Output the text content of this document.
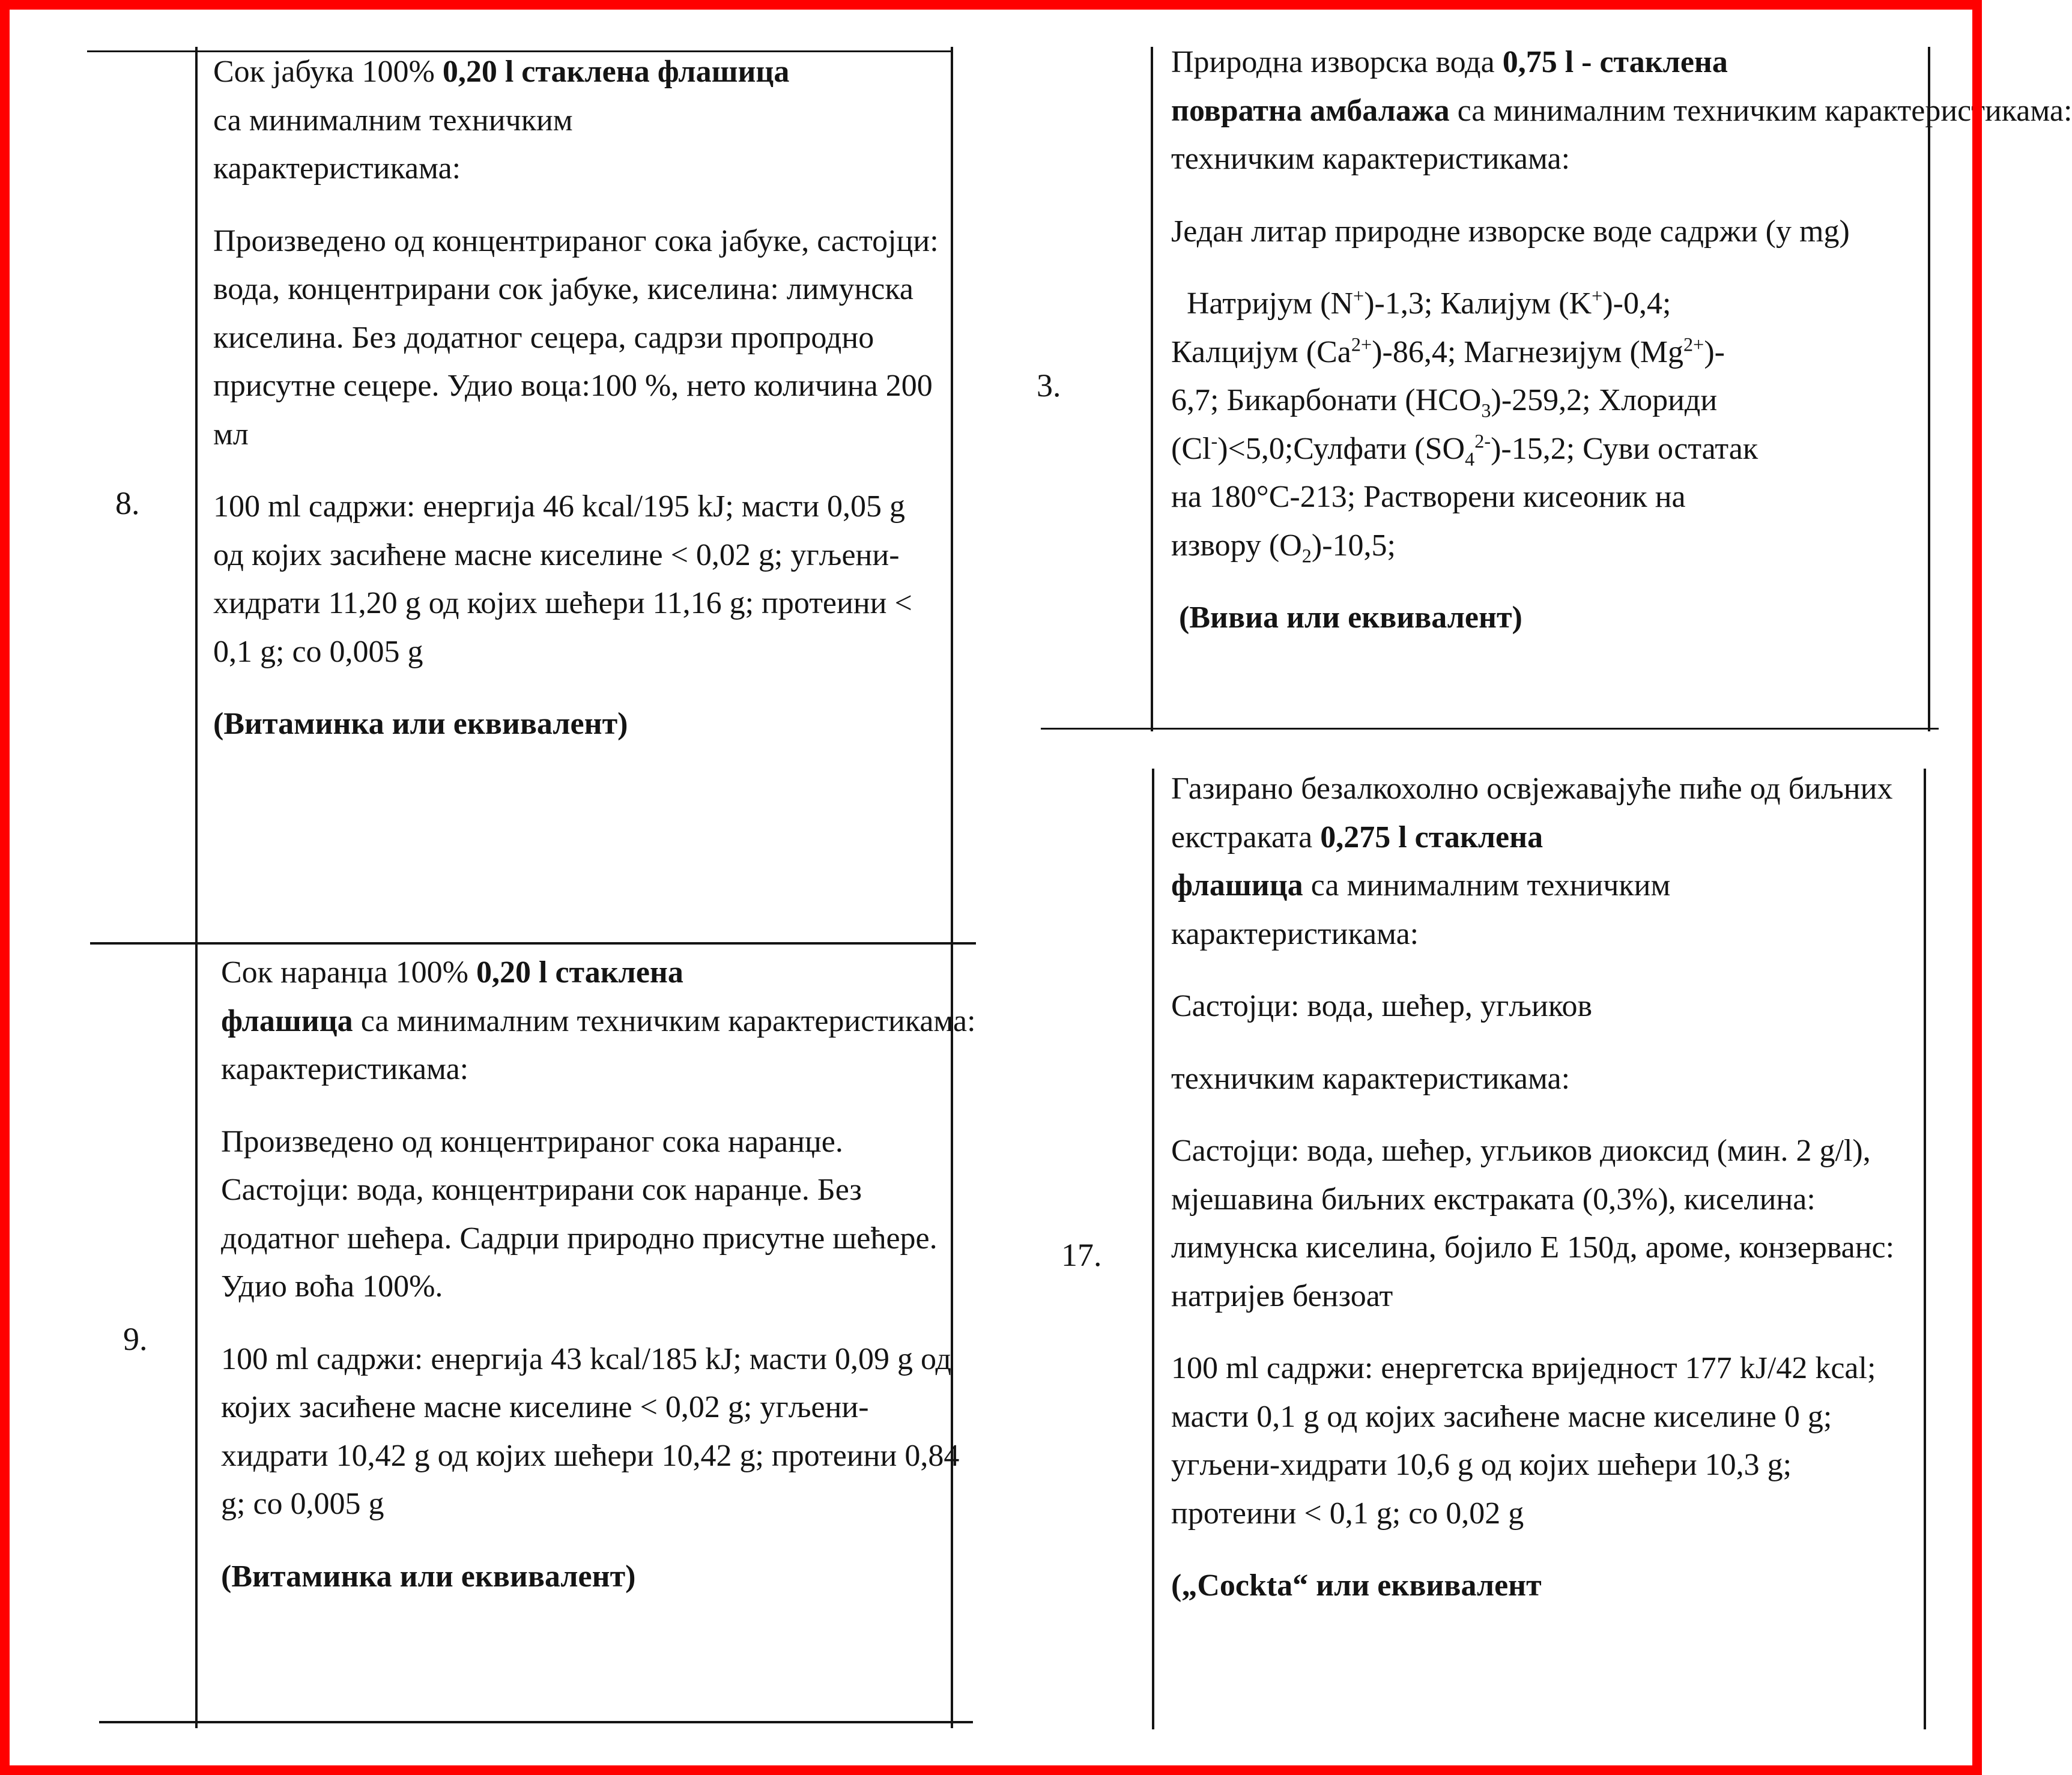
8.

Сок јабука 100% 0,20 l стаклена флашица

са минималним техничким карактеристикама:

Произведено од концентрираног сока јабуке, састојци: вода, концентрирани сок јабуке, киселина: лимунска киселина. Без додатног сецера, садрзи пропродно присутне сецере. Удио воца:100 %, нето количина 200 мл

100 ml садржи: енергија 46 kcal/195 kJ; масти 0,05 g од којих засићене масне киселине < 0,02 g; угљени-хидрати 11,20 g од којих шећери 11,16 g; протеини < 0,1 g; со 0,005 g

(Витаминка или еквивалент)

9.

Сок наранџа 100% 0,20 l стаклена

флашица са минималним техничким карактеристикама:

карактеристикама:

Произведено од концентрираног сока наранџе. Састојци: вода, концентрирани сок наранџе. Без додатног шећера. Садрџи природно присутне шећере. Удио воћа 100%.

100 ml садржи: енергија 43 kcal/185 kJ; масти 0,09 g од којих засићене масне киселине < 0,02 g; угљени-хидрати 10,42 g од којих шећери 10,42 g; протеини 0,84 g; со 0,005 g

(Витаминка или еквивалент)

3.

Природна изворска вода 0,75 l - стаклена

повратна амбалажа са минималним техничким карактеристикама:

техничким карактеристикама:

Један литар природне изворске воде садржи (у mg)

Натријум (N+)-1,3; Калијум (K+)-0,4;
Калцијум $(Ca^{2+})-86,4$; Магнезијум $(Mg^{2+})-$
6,7; Бикарбонати $(HCO_3)-259,2$; Хлориди
(Cl-)<5,0;Сулфати $(SO_4^{2-})-15,2$; Суви остатак
на 180°C-213; Растворени кисеоник на
извору $(O_2)-10,5$;

(Вивиа или еквивалент)

17.

Газирано безалкохолно освјежавајуће пиће од биљних екстраката 0,275 l стаклена

флашица са минималним техничким карактеристикама:

Састојци: вода, шећер, угљиков

техничким карактеристикама:

Састојци: вода, шећер, угљиков диоксид (мин. 2 g/l), мјешавина биљних екстраката (0,3%), киселина: лимунска киселина, бојило Е 150д, ароме, конзерванс: натријев бензоат

100 ml садржи: енергетска вриједност 177 kJ/42 kcal; масти 0,1 g од којих засићене масне киселине 0 g; угљени-хидрати 10,6 g од којих шећери 10,3 g; протеини < 0,1 g; со 0,02 g

(„Cockta“ или еквивалент
